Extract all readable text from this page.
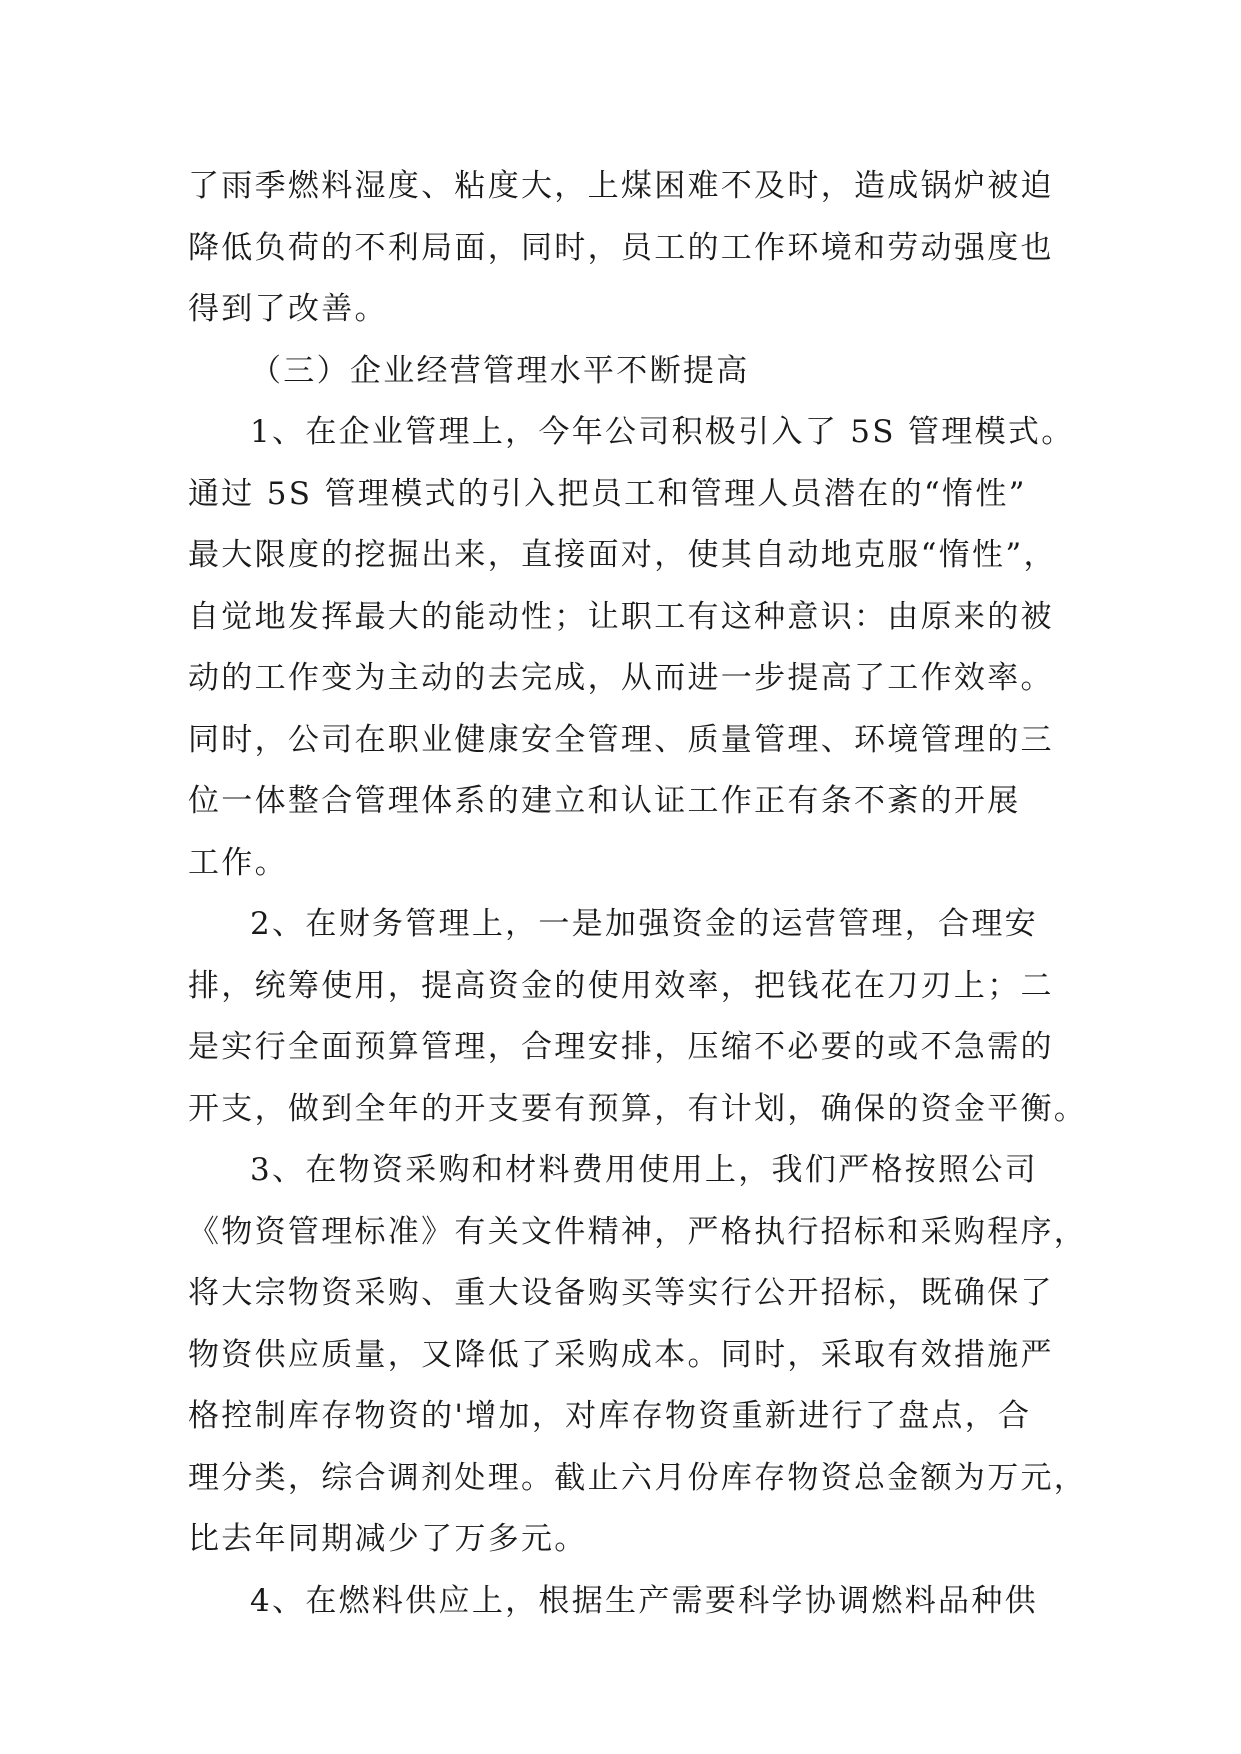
了雨季燃料湿度、粘度大，上煤困难不及时，造成锅炉被迫
降低负荷的不利局面，同时，员工的工作环境和劳动强度也
得到了改善。
（三）企业经营管理水平不断提高
1、在企业管理上，今年公司积极引入了 5S 管理模式。
通过 5S 管理模式的引入把员工和管理人员潜在的“惰性”
最大限度的挖掘出来，直接面对，使其自动地克服“惰性”，
自觉地发挥最大的能动性；让职工有这种意识：由原来的被
动的工作变为主动的去完成，从而进一步提高了工作效率。
同时，公司在职业健康安全管理、质量管理、环境管理的三
位一体整合管理体系的建立和认证工作正有条不紊的开展
工作。
2、在财务管理上，一是加强资金的运营管理，合理安
排，统筹使用，提高资金的使用效率，把钱花在刀刃上；二
是实行全面预算管理，合理安排，压缩不必要的或不急需的
开支，做到全年的开支要有预算，有计划，确保的资金平衡。
3、在物资采购和材料费用使用上，我们严格按照公司
《物资管理标准》有关文件精神，严格执行招标和采购程序，
将大宗物资采购、重大设备购买等实行公开招标，既确保了
物资供应质量，又降低了采购成本。同时，采取有效措施严
格控制库存物资的'增加，对库存物资重新进行了盘点，合
理分类，综合调剂处理。截止六月份库存物资总金额为万元，
比去年同期减少了万多元。
4、在燃料供应上，根据生产需要科学协调燃料品种供
